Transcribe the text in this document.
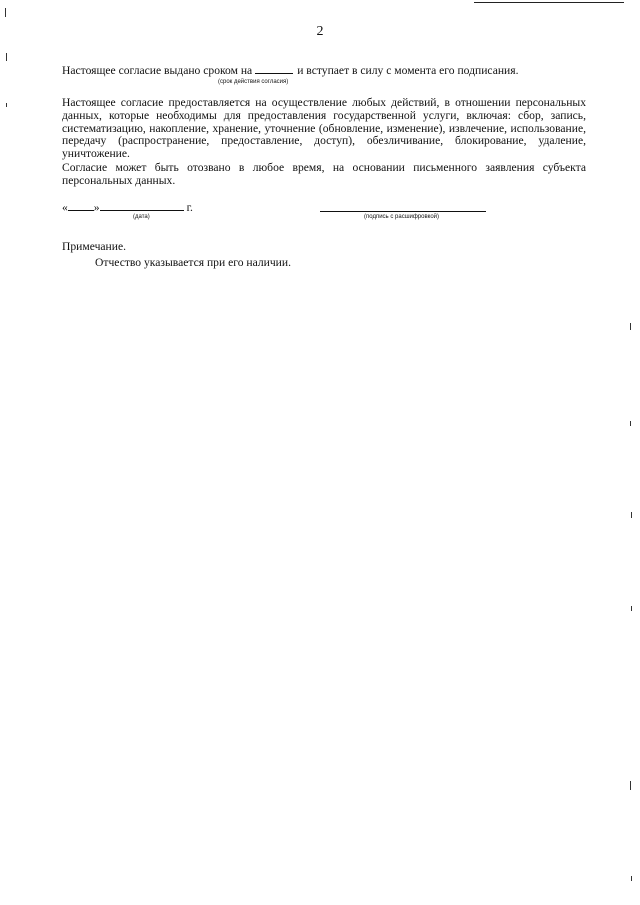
2
Настоящее согласие выдано сроком на	и вступает в силу с момента его подписания.
(срок действия согласия)
Настоящее согласие предоставляется на осуществление любых действий, в отношении персональных данных, которые необходимы для предоставления государственной услуги, включая: сбор, запись, систематизацию, накопление, хранение, уточнение (обновление, изменение), извлечение, использование, передачу (распространение, предоставление, доступ), обезличивание, блокирование, удаление, уничтожение.
Согласие может быть отозвано в любое время, на основании письменного заявления субъекта персональных данных.
« »	г.
(дата)	(подпись с расшифровкой)
Примечание.
Отчество указывается при его наличии.
